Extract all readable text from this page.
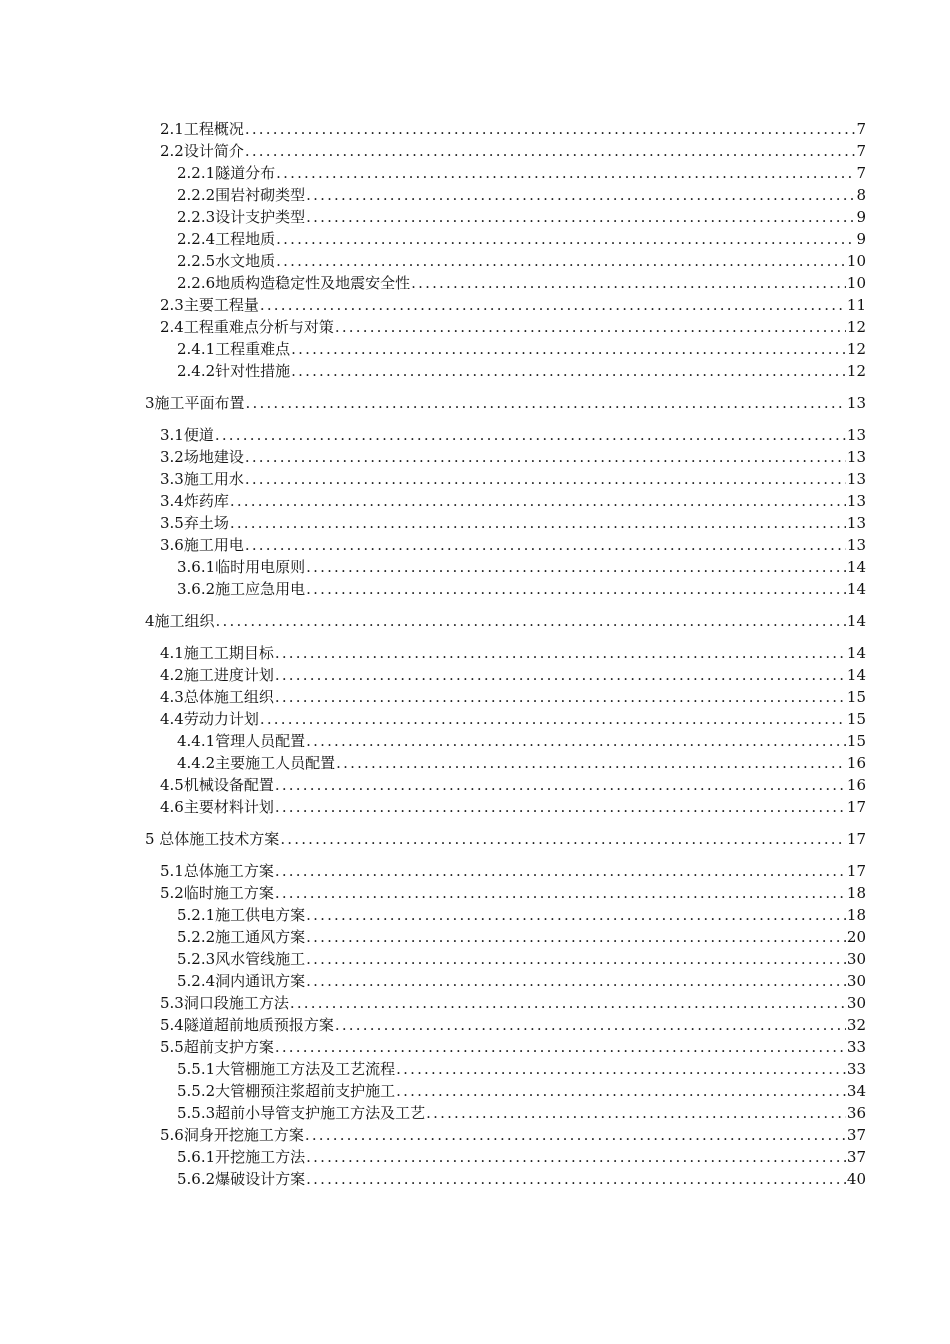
2.1工程概况 .....	7
2.2设计简介 .....	7
2.2.1隧道分布 .....	7
2.2.2围岩衬砌类型 .....	8
2.2.3设计支护类型 .....	9
2.2.4工程地质 .....	9
2.2.5水文地质 .....	10
2.2.6地质构造稳定性及地震安全性 .....	10
2.3主要工程量 .....	11
2.4工程重难点分析与对策 .....	12
2.4.1工程重难点 .....	12
2.4.2针对性措施 .....	12
3施工平面布置 .....	13
3.1便道 .....	13
3.2场地建设 .....	13
3.3施工用水 .....	13
3.4炸药库 .....	13
3.5弃土场 .....	13
3.6施工用电 .....	13
3.6.1临时用电原则 .....	14
3.6.2施工应急用电 .....	14
4施工组织 .....	14
4.1施工工期目标 .....	14
4.2施工进度计划 .....	14
4.3总体施工组织 .....	15
4.4劳动力计划 .....	15
4.4.1管理人员配置 .....	15
4.4.2主要施工人员配置 .....	16
4.5机械设备配置 .....	16
4.6主要材料计划 .....	17
5 总体施工技术方案 .....	17
5.1总体施工方案 .....	17
5.2临时施工方案 .....	18
5.2.1施工供电方案 .....	18
5.2.2施工通风方案 .....	20
5.2.3风水管线施工 .....	30
5.2.4洞内通讯方案 .....	30
5.3洞口段施工方法 .....	30
5.4隧道超前地质预报方案 .....	32
5.5超前支护方案 .....	33
5.5.1大管棚施工方法及工艺流程 .....	33
5.5.2大管棚预注浆超前支护施工 .....	34
5.5.3超前小导管支护施工方法及工艺 .....	36
5.6洞身开挖施工方案 .....	37
5.6.1开挖施工方法 .....	37
5.6.2爆破设计方案 .....	40
